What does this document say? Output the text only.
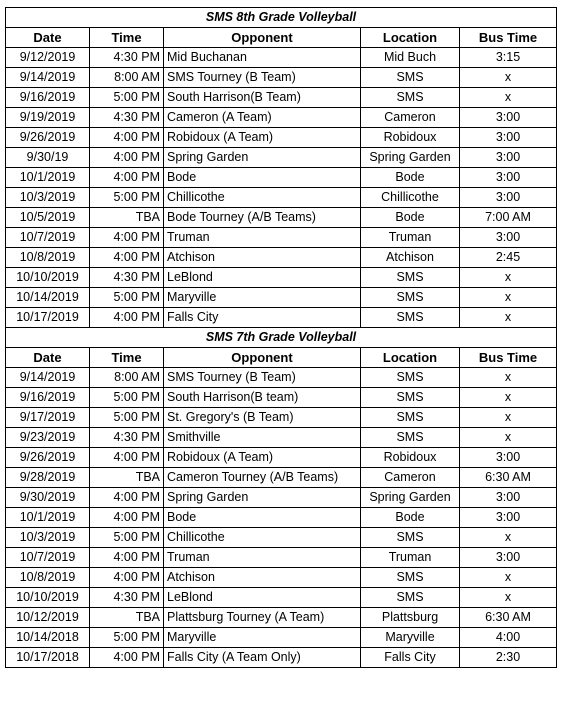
SMS 8th Grade Volleyball				
Date	Time	Opponent	Location	Bus Time
9/12/2019	4:30 PM	Mid Buchanan	Mid Buch	3:15
9/14/2019	8:00 AM	SMS Tourney (B Team)	SMS	x
9/16/2019	5:00 PM	South Harrison(B Team)	SMS	x
9/19/2019	4:30 PM	Cameron (A Team)	Cameron	3:00
9/26/2019	4:00 PM	Robidoux (A Team)	Robidoux	3:00
9/30/19	4:00 PM	Spring Garden	Spring Garden	3:00
10/1/2019	4:00 PM	Bode	Bode	3:00
10/3/2019	5:00 PM	Chillicothe	Chillicothe	3:00
10/5/2019	TBA	Bode Tourney (A/B Teams)	Bode	7:00 AM
10/7/2019	4:00 PM	Truman	Truman	3:00
10/8/2019	4:00 PM	Atchison	Atchison	2:45
10/10/2019	4:30 PM	LeBlond	SMS	x
10/14/2019	5:00 PM	Maryville	SMS	x
10/17/2019	4:00 PM	Falls City	SMS	x
SMS 7th Grade Volleyball				
Date	Time	Opponent	Location	Bus Time
9/14/2019	8:00 AM	SMS Tourney (B Team)	SMS	x
9/16/2019	5:00 PM	South Harrison(B team)	SMS	x
9/17/2019	5:00 PM	St. Gregory's (B Team)	SMS	x
9/23/2019	4:30 PM	Smithville	SMS	x
9/26/2019	4:00 PM	Robidoux (A Team)	Robidoux	3:00
9/28/2019	TBA	Cameron Tourney (A/B Teams)	Cameron	6:30 AM
9/30/2019	4:00 PM	Spring Garden	Spring Garden	3:00
10/1/2019	4:00 PM	Bode	Bode	3:00
10/3/2019	5:00 PM	Chillicothe	SMS	x
10/7/2019	4:00 PM	Truman	Truman	3:00
10/8/2019	4:00 PM	Atchison	SMS	x
10/10/2019	4:30 PM	LeBlond	SMS	x
10/12/2019	TBA	Plattsburg Tourney (A Team)	Plattsburg	6:30 AM
10/14/2018	5:00 PM	Maryville	Maryville	4:00
10/17/2018	4:00 PM	Falls City (A Team Only)	Falls City	2:30
